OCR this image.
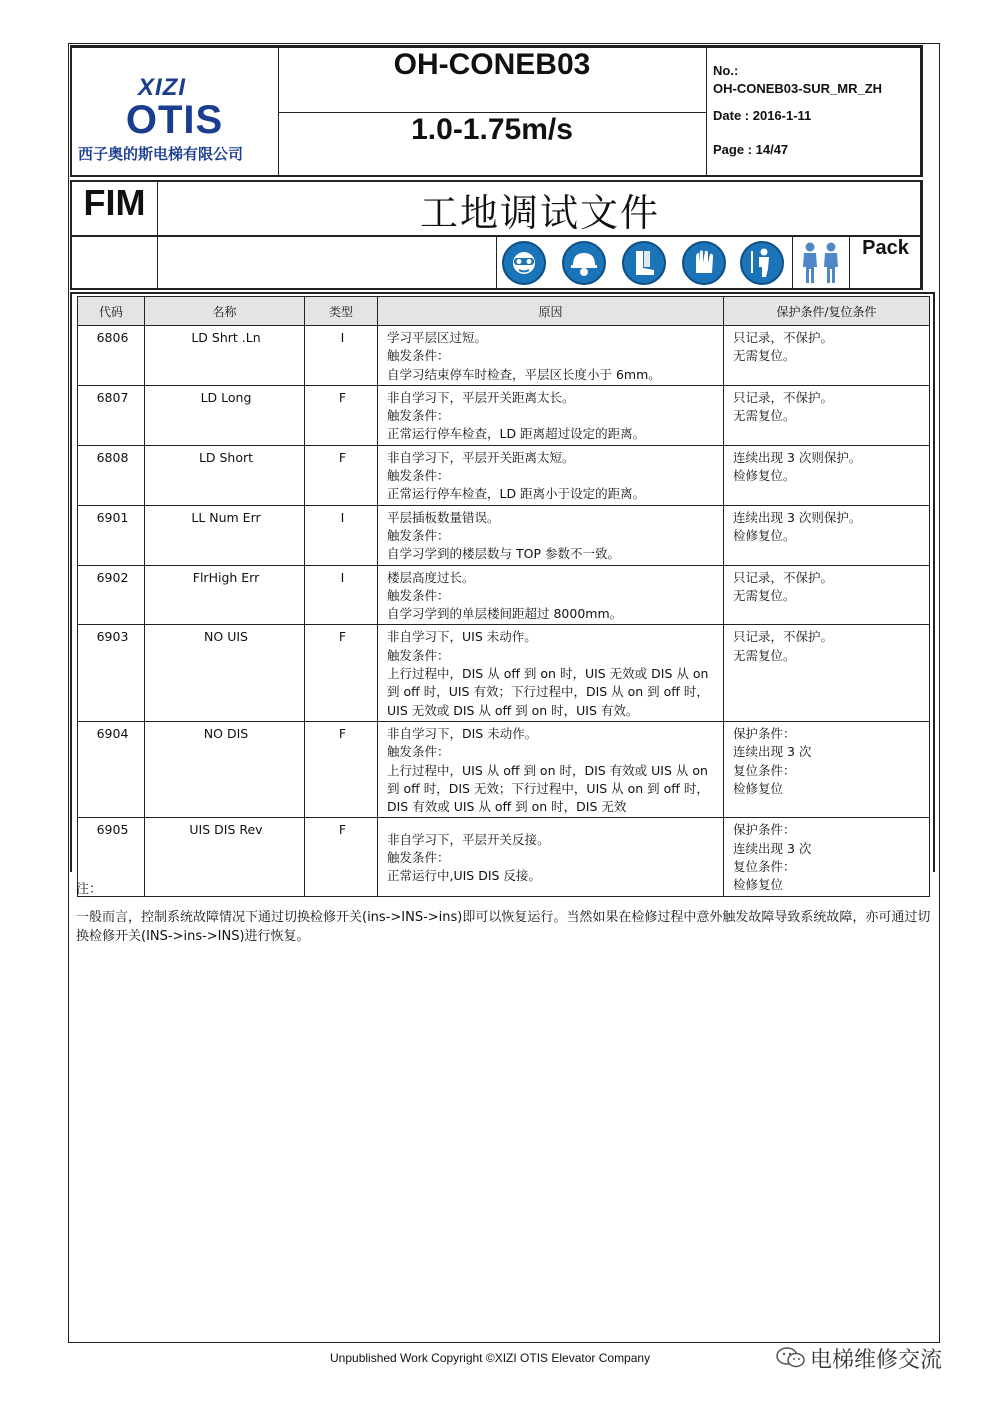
XIZI
OTIS
西子奥的斯电梯有限公司
OH-CONEB03
1.0-1.75m/s
No.:
OH-CONEB03-SUR_MR_ZH
Date : 2016-1-11
Page : 14/47
FIM	工地调试文件
Pack
代码	名称	类型	原因	保护条件/复位条件
6806	LD Shrt .Ln	I	学习平层区过短。
触发条件：
自学习结束停车时检查，平层区长度小于 6mm。	只记录，不保护。
无需复位。

6807	LD Long	F	非自学习下，平层开关距离太长。
触发条件：
正常运行停车检查，LD 距离超过设定的距离。	只记录，不保护。
无需复位。

6808	LD Short	F	非自学习下，平层开关距离太短。
触发条件：
正常运行停车检查，LD 距离小于设定的距离。	连续出现 3 次则保护。
检修复位。

6901	LL Num Err	I	平层插板数量错误。
触发条件：
自学习学到的楼层数与 TOP 参数不一致。	连续出现 3 次则保护。
检修复位。

6902	FlrHigh Err	I	楼层高度过长。
触发条件：
自学习学到的单层楼间距超过 8000mm。	只记录，不保护。
无需复位。

6903	NO UIS	F	非自学习下，UIS 未动作。
触发条件：
上行过程中，DIS 从 off 到 on 时，UIS 无效或 DIS 从 on
到 off 时，UIS 有效；下行过程中，DIS 从 on 到 off 时，
UIS 无效或 DIS 从 off 到 on 时，UIS 有效。	只记录，不保护。
无需复位。

6904	NO DIS	F	非自学习下，DIS 未动作。
触发条件：
上行过程中，UIS 从 off 到 on 时，DIS 有效或 UIS 从 on
到 off 时，DIS 无效；下行过程中，UIS 从 on 到 off 时，
DIS 有效或 UIS 从 off 到 on 时，DIS 无效	保护条件：
连续出现 3 次
复位条件：
检修复位

6905	UIS DIS Rev	F	非自学习下，平层开关反接。
触发条件：
正常运行中,UIS DIS 反接。	保护条件：
连续出现 3 次
复位条件：
检修复位
注：
一般而言，控制系统故障情况下通过切换检修开关(ins->INS->ins)即可以恢复运行。当然如果在检修过程中意外触发故障导致系统故障，亦可通过切换检修开关(INS->ins->INS)进行恢复。
Unpublished Work Copyright ©XIZI OTIS Elevator Company	电梯维修交流
